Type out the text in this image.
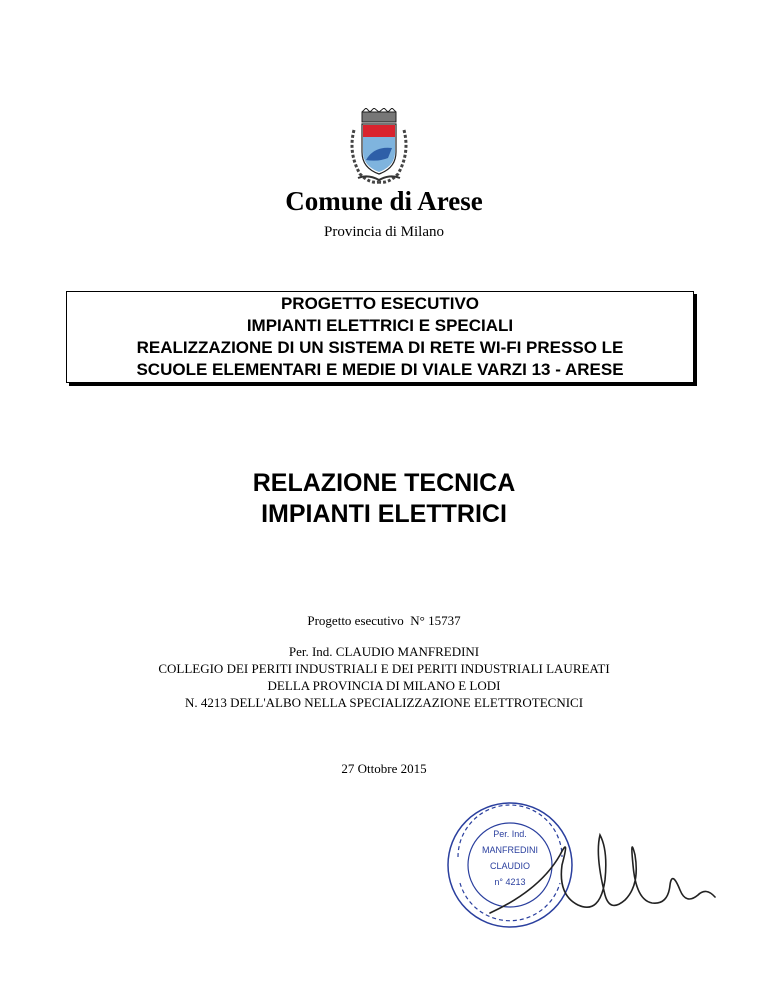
Comune di Arese
Provincia di Milano
PROGETTO ESECUTIVO
IMPIANTI ELETTRICI E SPECIALI
REALIZZAZIONE DI UN SISTEMA DI RETE WI-FI PRESSO LE
SCUOLE ELEMENTARI E MEDIE DI VIALE VARZI 13 - ARESE
RELAZIONE TECNICA
IMPIANTI ELETTRICI
Progetto esecutivo  N° 15737
Per. Ind. CLAUDIO MANFREDINI
COLLEGIO DEI PERITI INDUSTRIALI E DEI PERITI INDUSTRIALI LAUREATI
DELLA PROVINCIA DI MILANO E LODI
N. 4213 DELL'ALBO NELLA SPECIALIZZAZIONE ELETTROTECNICI
27 Ottobre 2015
Per. Ind.
MANFREDINI
CLAUDIO
n° 4213
